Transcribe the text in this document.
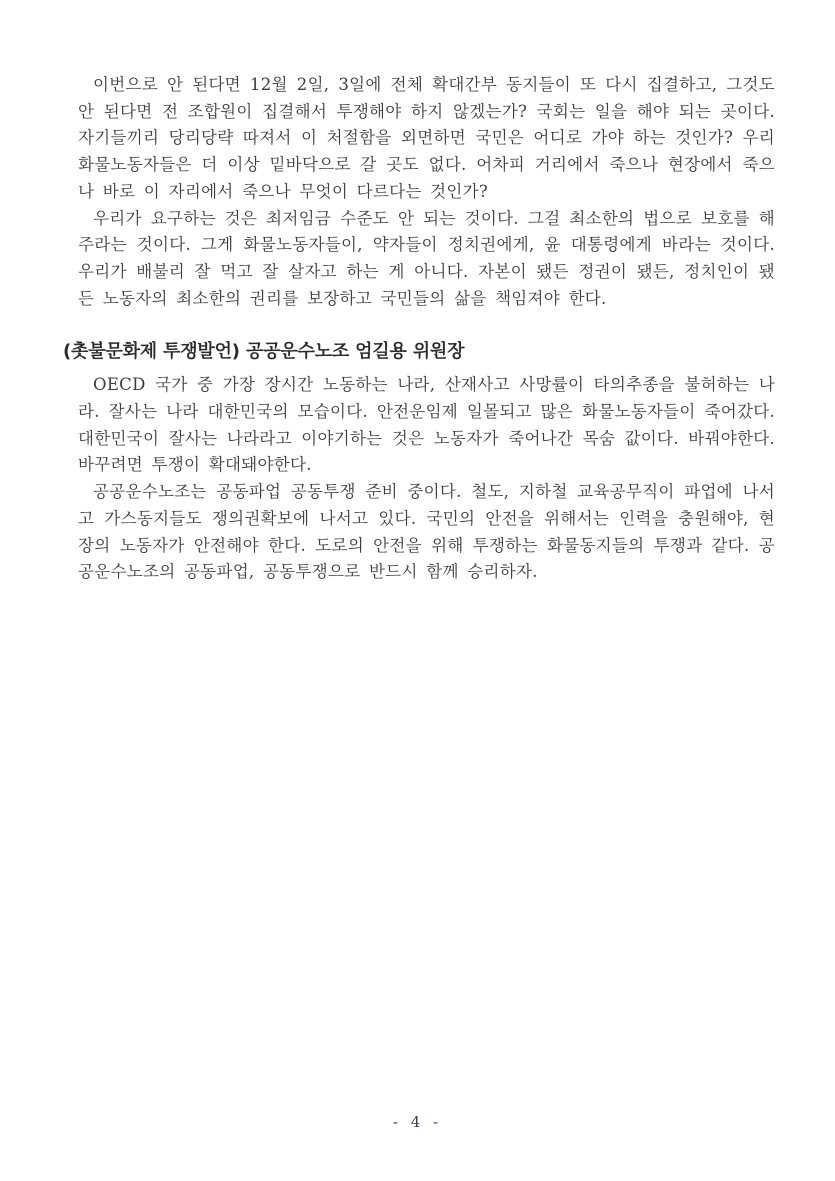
이번으로 안 된다면 12월 2일, 3일에 전체 확대간부 동지들이 또 다시 집결하고, 그것도 안 된다면 전 조합원이 집결해서 투쟁해야 하지 않겠는가? 국회는 일을 해야 되는 곳이다. 자기들끼리 당리당략 따져서 이 처절함을 외면하면 국민은 어디로 가야 하는 것인가? 우리 화물노동자들은 더 이상 밑바닥으로 갈 곳도 없다. 어차피 거리에서 죽으나 현장에서 죽으나 바로 이 자리에서 죽으나 무엇이 다르다는 것인가?

우리가 요구하는 것은 최저임금 수준도 안 되는 것이다. 그걸 최소한의 법으로 보호를 해주라는 것이다. 그게 화물노동자들이, 약자들이 정치권에게, 윤 대통령에게 바라는 것이다. 우리가 배불리 잘 먹고 잘 살자고 하는 게 아니다. 자본이 됐든 정권이 됐든, 정치인이 됐든 노동자의 최소한의 권리를 보장하고 국민들의 삶을 책임져야 한다.

(촛불문화제 투쟁발언) 공공운수노조 엄길용 위원장

OECD 국가 중 가장 장시간 노동하는 나라, 산재사고 사망률이 타의추종을 불허하는 나라. 잘사는 나라 대한민국의 모습이다. 안전운임제 일몰되고 많은 화물노동자들이 죽어갔다. 대한민국이 잘사는 나라라고 이야기하는 것은 노동자가 죽어나간 목숨 값이다. 바꿔야한다. 바꾸려면 투쟁이 확대돼야한다.

공공운수노조는 공동파업 공동투쟁 준비 중이다. 철도, 지하철 교육공무직이 파업에 나서고 가스동지들도 쟁의권확보에 나서고 있다. 국민의 안전을 위해서는 인력을 충원해야, 현장의 노동자가 안전해야 한다. 도로의 안전을 위해 투쟁하는 화물동지들의 투쟁과 같다. 공공운수노조의 공동파업, 공동투쟁으로 반드시 함께 승리하자.

- 4 -
